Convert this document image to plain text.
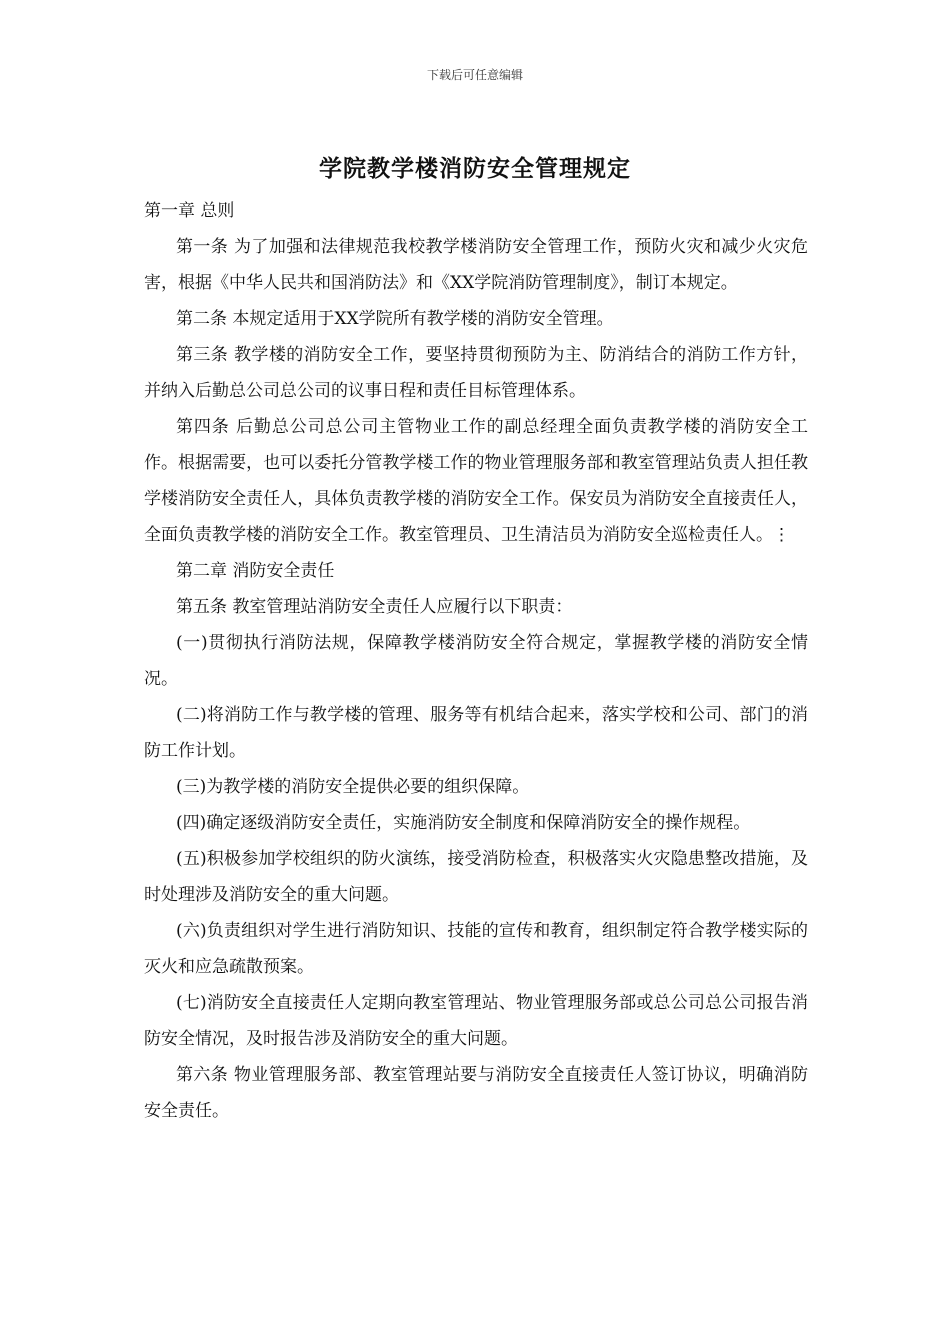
下载后可任意编辑
学院教学楼消防安全管理规定

第一章 总则

第一条 为了加强和法律规范我校教学楼消防安全管理工作，预防火灾和减少火灾危害，根据《中华人民共和国消防法》和《XX学院消防管理制度》，制订本规定。

第二条 本规定适用于XX学院所有教学楼的消防安全管理。

第三条 教学楼的消防安全工作，要坚持贯彻预防为主、防消结合的消防工作方针，并纳入后勤总公司总公司的议事日程和责任目标管理体系。

第四条 后勤总公司总公司主管物业工作的副总经理全面负责教学楼的消防安全工作。根据需要，也可以委托分管教学楼工作的物业管理服务部和教室管理站负责人担任教学楼消防安全责任人，具体负责教学楼的消防安全工作。保安员为消防安全直接责任人，全面负责教学楼的消防安全工作。教室管理员、卫生清洁员为消防安全巡检责任人。⋮

第二章 消防安全责任

第五条 教室管理站消防安全责任人应履行以下职责：

(一)贯彻执行消防法规，保障教学楼消防安全符合规定，掌握教学楼的消防安全情况。

(二)将消防工作与教学楼的管理、服务等有机结合起来，落实学校和公司、部门的消防工作计划。

(三)为教学楼的消防安全提供必要的组织保障。

(四)确定逐级消防安全责任，实施消防安全制度和保障消防安全的操作规程。

(五)积极参加学校组织的防火演练，接受消防检查，积极落实火灾隐患整改措施，及时处理涉及消防安全的重大问题。

(六)负责组织对学生进行消防知识、技能的宣传和教育，组织制定符合教学楼实际的灭火和应急疏散预案。

(七)消防安全直接责任人定期向教室管理站、物业管理服务部或总公司总公司报告消防安全情况，及时报告涉及消防安全的重大问题。

第六条 物业管理服务部、教室管理站要与消防安全直接责任人签订协议，明确消防安全责任。
